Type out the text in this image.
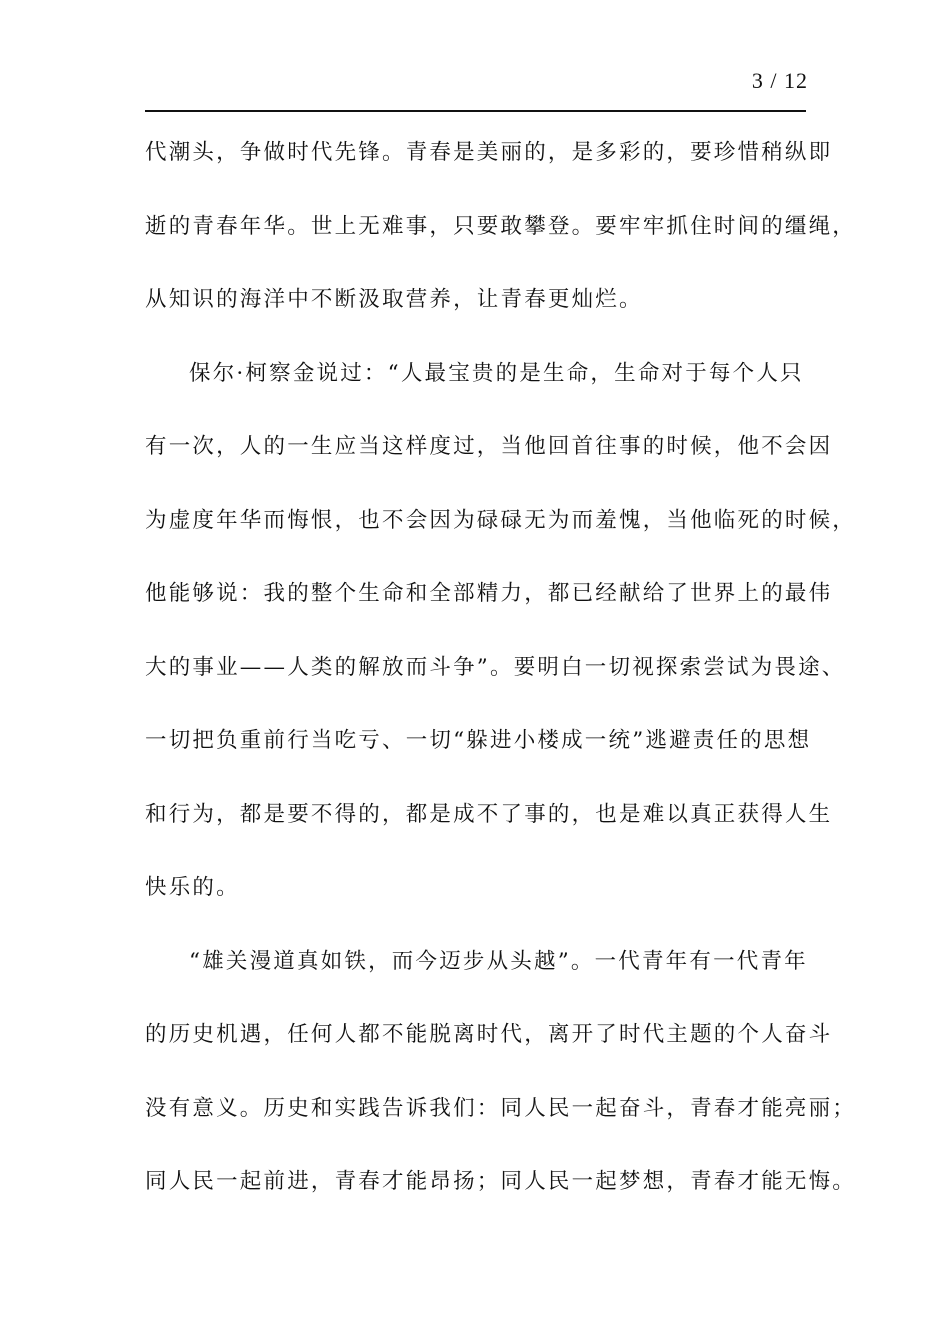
3 / 12
代潮头，争做时代先锋。青春是美丽的，是多彩的，要珍惜稍纵即
逝的青春年华。世上无难事，只要敢攀登。要牢牢抓住时间的缰绳，
从知识的海洋中不断汲取营养，让青春更灿烂。
保尔·柯察金说过：“人最宝贵的是生命，生命对于每个人只
有一次，人的一生应当这样度过，当他回首往事的时候，他不会因
为虚度年华而悔恨，也不会因为碌碌无为而羞愧，当他临死的时候，
他能够说：我的整个生命和全部精力，都已经献给了世界上的最伟
大的事业——人类的解放而斗争”。要明白一切视探索尝试为畏途、
一切把负重前行当吃亏、一切“躲进小楼成一统”逃避责任的思想
和行为，都是要不得的，都是成不了事的，也是难以真正获得人生
快乐的。
“雄关漫道真如铁，而今迈步从头越”。一代青年有一代青年
的历史机遇，任何人都不能脱离时代，离开了时代主题的个人奋斗
没有意义。历史和实践告诉我们：同人民一起奋斗，青春才能亮丽；
同人民一起前进，青春才能昂扬；同人民一起梦想，青春才能无悔。
